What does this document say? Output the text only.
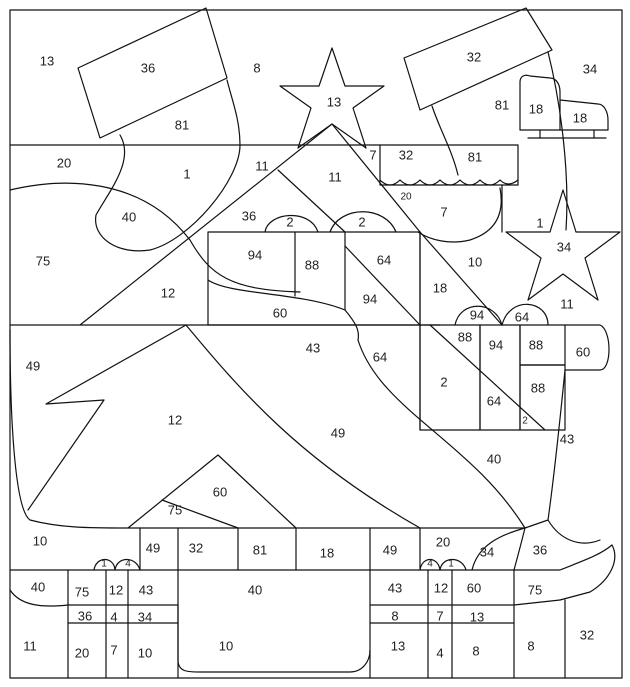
13	36	8
13
32
34
81
81 18
18
20
1
11
11
7 32	81
20
7
40	36 2	2
94
88	64	10
1
34
75
12	94
18
11
60
43
64
94 64
88
94 88	60
49
12
2
64
88
2
49	43
40
60
75
10
1 4
49 32	81	18	49
20
4 1
34	36
40 75 12 43	40	43 12 60	75
36 4 34	8	7 13
32
11	20 7 10	10	13 4 8	8
